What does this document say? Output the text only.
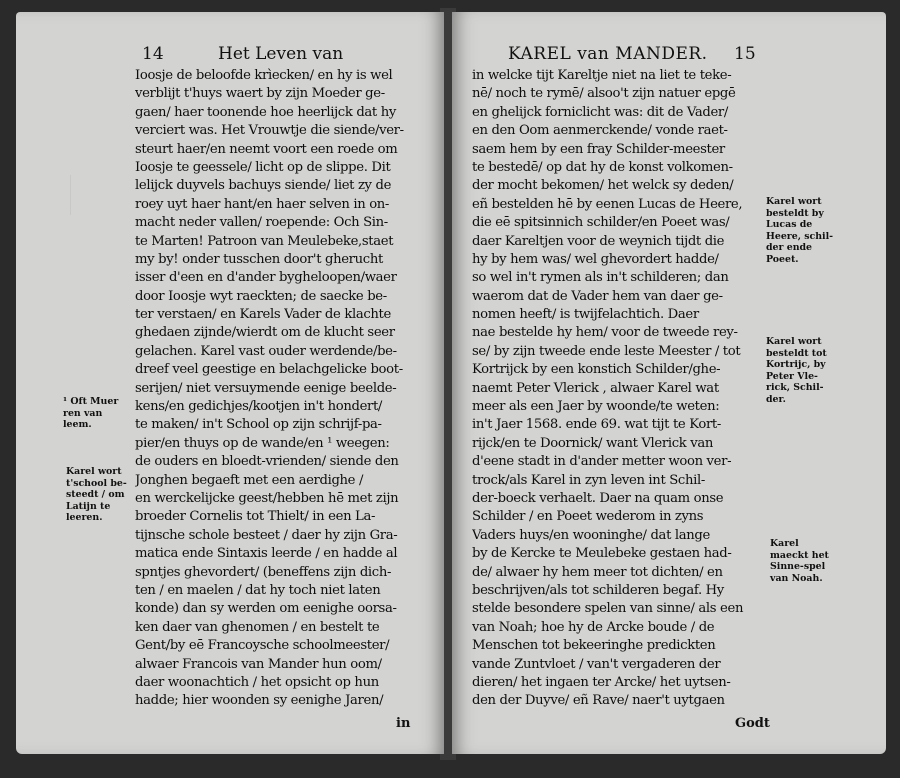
14	Het Leven van	KAREL van MANDER. 15
Ioosje de beloofde krìecken/ en hy is wel
verblijt t'huys waert by zijn Moeder ge-
gaen/ haer toonende hoe heerlijck dat hy
verciert was. Het Vrouwtje die siende/ver-
steurt haer/en neemt voort een roede om
Ioosje te geessele/ licht op de slippe. Dit
leliјck duyvels bachuys siende/ liet zy de
roey uyt haer hant/en haer selven in on-
macht neder vallen/ roepende: Och Sin-
te Marten! Patroon van Meulebeke,staet
my by! onder tusschen door't gherucht
isser d'een en d'ander bygheloopen/waer
door Ioosje wyt raeckten; de saecke be-
ter verstaen/ en Karels Vader de klachte
ghedaen zijnde/wierdt om de klucht seer
gelachen. Karel vast ouder werdende/be-
dreef veel geestige en belachgelicke boot-
serijen/ niet versuymende eenige beelde-
kens/en gedichjes/kootjen in't hondert/
te maken/ in't School op zijn schrijf-pa-
pier/en thuys op de wande/en ¹ weegen:
de ouders en bloedt-vrienden/ siende den
Jonghen begaeft met een aerdighe /
en werckelijcke geest/hebben hē met zijn
broeder Cornelis tot Thielt/ in een La-
tijnsche schole besteet / daer hy zijn Gra-
matica ende Sintaxis leerde / en hadde al
spntjes ghevordert/ (beneffens zijn dich-
ten / en maelen / dat hy toch niet laten
konde) dan sy werden om eenighe oorsa-
ken daer van ghenomen / en bestelt te
Gent/by eē Francoysche schoolmeester/
alwaer Francois van Mander hun oom/
daer woonachtich / het opsicht op hun
hadde; hier woonden sy eenighe Jaren/
in
¹ Oft Muer
ren van
leem.
Karel wort
t'school be-
steedt / om
Latijn te
leeren.
in welcke tijt Kareltje niet na liet te teke-
nē/ noch te rymē/ alsoo't zijn natuer epgē
en ghelijck forniclicht was: dit de Vader/
en den Oom aenmerckende/ vonde raet-
saem hem by een fray Schilder-meester
te bestedē/ op dat hy de konst volkomen-
der mocht bekomen/ het welck sy deden/
eñ bestelden hē by eenen Lucas de Heere,
die eē spitsinnich schilder/en Poeet was/
daer Kareltjen voor de weynich tijdt die
hy by hem was/ wel ghevordert hadde/
so wel in't rymen als in't schilderen; dan
waerom dat de Vader hem van daer ge-
nomen heeft/ is twijfelachtich. Daer
nae bestelde hy hem/ voor de tweede rey-
se/ by zijn tweede ende leste Meester / tot
Kortrijck by een konstich Schilder/ghe-
naemt Peter Vlerick , alwaer Karel wat
meer als een Jaer by woonde/te weten:
in't Jaer 1568. ende 69. wat tijt te Kort-
rijck/en te Doornick/ want Vlerick van
d'eene stadt in d'ander metter woon ver-
trock/als Karel in zyn leven int Schil-
der-boeck verhaelt. Daer na quam onse
Schilder / en Poeet wederom in zyns
Vaders huys/en wooninghe/ dat lange
by de Kercke te Meulebeke gestaen had-
de/ alwaer hy hem meer tot dichten/ en
beschrijven/als tot schilderen begaf. Hy
stelde besondere spelen van sinne/ als een
van Noah; hoe hy de Arcke boude / de
Menschen tot bekeeringhe predickten
vande Zuntvloet / van't vergaderen der
dieren/ het ingaen ter Arcke/ het uytsen-
den der Duyve/ eñ Rave/ naer't uytgaen
Godt
Karel wort
besteldt by
Lucas de
Heere, schil-
der ende
Poeet.
Karel wort
besteldt tot
Kortrijc, by
Peter Vle-
rick, Schil-
der.
Karel
maeckt het
Sinne-spel
van Noah.
